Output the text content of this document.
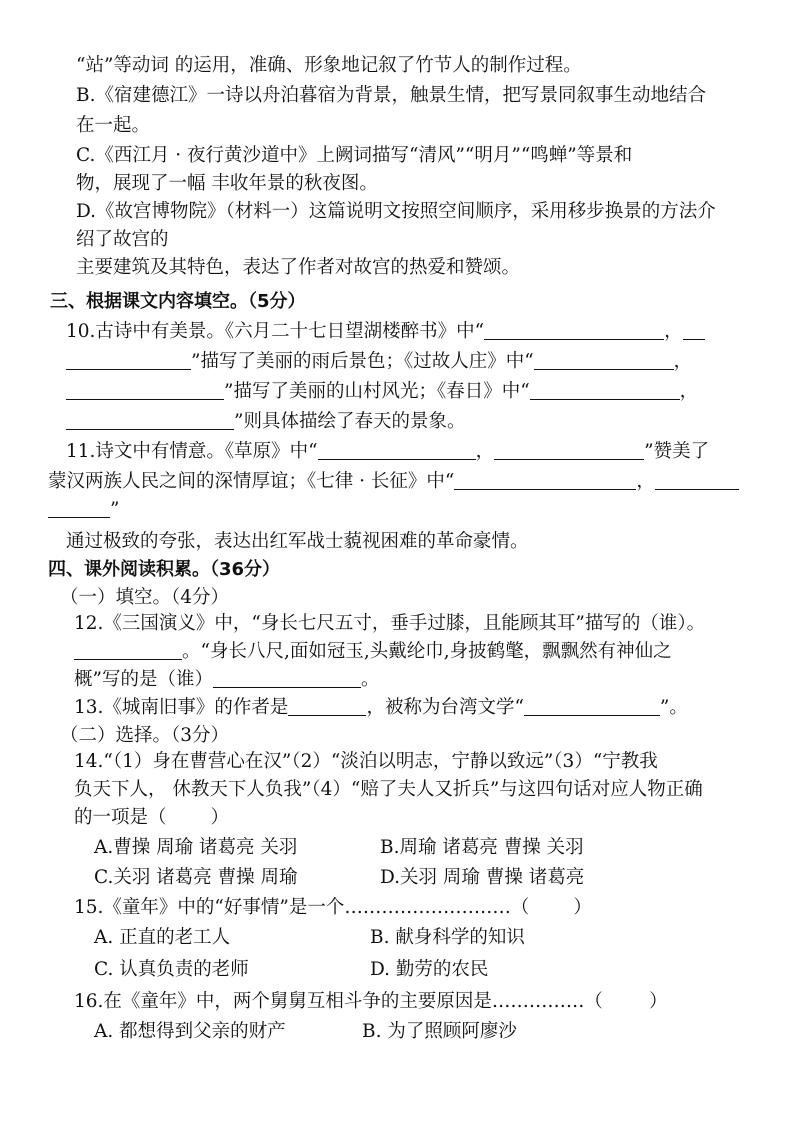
“站”等动词 的运用，准确、形象地记叙了竹节人的制作过程。
B.《宿建德江》一诗以舟泊暮宿为背景，触景生情，把写景同叙事生动地结合
在一起。
C.《西江月 · 夜行黄沙道中》上阙词描写“清风”“明月”“鸣蝉”等景和
物，展现了一幅 丰收年景的秋夜图。
D.《故宫博物院》（材料一）这篇说明文按照空间顺序，采用移步换景的方法介
绍了故宫的
主要建筑及其特色，表达了作者对故宫的热爱和赞颂。
三、根据课文内容填空。（5分）
10.古诗中有美景。《六月二十七日望湖楼醉书》中“	，
”描写了美丽的雨后景色；《过故人庄》中“	，
”描写了美丽的山村风光；《春日》中“	，
”则具体描绘了春天的景象。
11.诗文中有情意。《草原》中“	，	”赞美了
蒙汉两族人民之间的深情厚谊；《七律 · 长征》中“	，
”
通过极致的夸张，表达出红军战士藐视困难的革命豪情。
四、课外阅读积累。（36分）
（一）填空。（4分）
12.《三国演义》中，“身长七尺五寸，垂手过膝，且能顾其耳”描写的（谁）。
。“身长八尺,面如冠玉,头戴纶巾,身披鹤氅，飘飘然有神仙之
概”写的是（谁）	。
13.《城南旧事》的作者是	，被称为台湾文学“	”。
（二）选择。（3分）
14.“（1）身在曹营心在汉”（2）“淡泊以明志，宁静以致远”（3）“宁教我
负天下人， 休教天下人负我”（4）“赔了夫人又折兵”与这四句话对应人物正确
的一项是（ ）
A.曹操 周瑜 诸葛亮 关羽	B.周瑜 诸葛亮 曹操 关羽
C.关羽 诸葛亮 曹操 周瑜	D.关羽 周瑜 曹操 诸葛亮
15.《童年》中的“好事情”是一个………………………（ ）
A. 正直的老工人	B. 献身科学的知识
C. 认真负责的老师	D. 勤劳的农民
16.在《童年》中，两个舅舅互相斗争的主要原因是……………（ ）
A. 都想得到父亲的财产	B. 为了照顾阿廖沙
